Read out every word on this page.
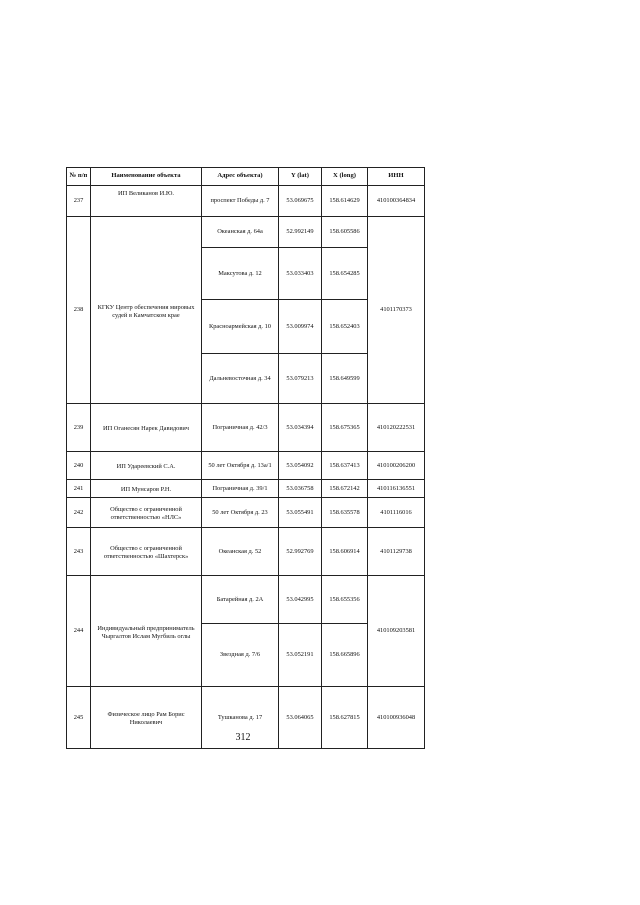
№ п/п	Наименование объекта	Адрес объекта)	Y (lat)	X (long)	ИНН
237	ИП Великанов И.Ю.	проспект Победы д. 7	53.069675	158.614629	410100364834
238	КГКУ Центр обеспечения мировых судей в Камчатском крае	Океанская д. 64а	52.992149	158.605586	4101170373
		Максутова д. 12	53.033403	158.654285	
		Красноармейская д. 10	53.009974	158.652403	
		Дальневосточная д. 34	53.079213	158.649599	
239	ИП Оганесян Нарек Давидович	Пограничная д. 42/3	53.034394	158.675365	410120222531
240	ИП Удареевский С.А.	50 лет Октября д. 13а/1	53.054092	158.637413	410100206200
241	ИП Мунсаров Р.Н.	Пограничная д. 39/1	53.036758	158.672142	410116136551
242	Общество с ограниченной ответственностью «НЛС»	50 лет Октября д. 23	53.055491	158.635578	4101116016
243	Общество с ограниченной ответственностью «Шахтерск»	Океанская д. 52	52.992769	158.606914	4101129738
244	Индивидуальный предприниматель Чыргалтов Ислам Мугбиль оглы	Батарейная д. 2А	53.042995	158.655356	410109203581
		Звездная д. 7/6	53.052191	158.665896	
245	Физическое лицо Рам Борис Николаевич	Тушканова д. 17	53.064065	158.627815	410100936048
312
